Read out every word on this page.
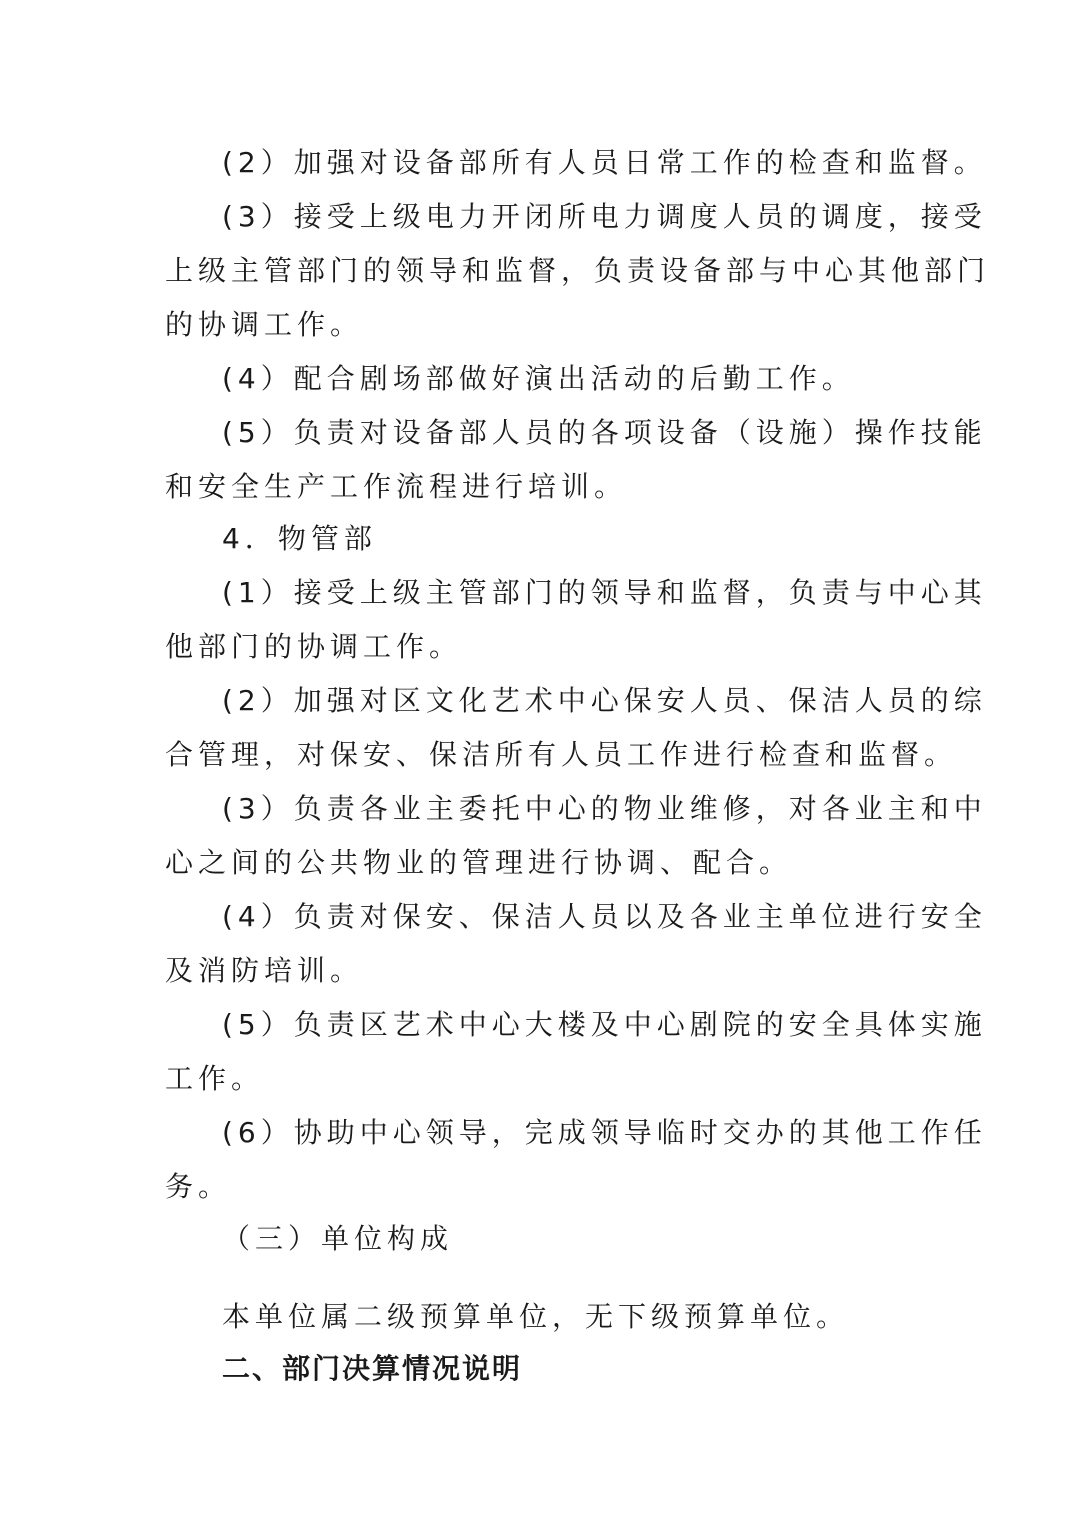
(2）加强对设备部所有人员日常工作的检查和监督。
(3）接受上级电力开闭所电力调度人员的调度，接受
上级主管部门的领导和监督，负责设备部与中心其他部门
的协调工作。
(4）配合剧场部做好演出活动的后勤工作。
(5）负责对设备部人员的各项设备（设施）操作技能
和安全生产工作流程进行培训。
4．物管部
(1）接受上级主管部门的领导和监督，负责与中心其
他部门的协调工作。
(2）加强对区文化艺术中心保安人员、保洁人员的综
合管理，对保安、保洁所有人员工作进行检查和监督。
(3）负责各业主委托中心的物业维修，对各业主和中
心之间的公共物业的管理进行协调、配合。
(4）负责对保安、保洁人员以及各业主单位进行安全
及消防培训。
(5）负责区艺术中心大楼及中心剧院的安全具体实施
工作。
(6）协助中心领导，完成领导临时交办的其他工作任
务。
（三）单位构成
本单位属二级预算单位，无下级预算单位。
二、部门决算情况说明
